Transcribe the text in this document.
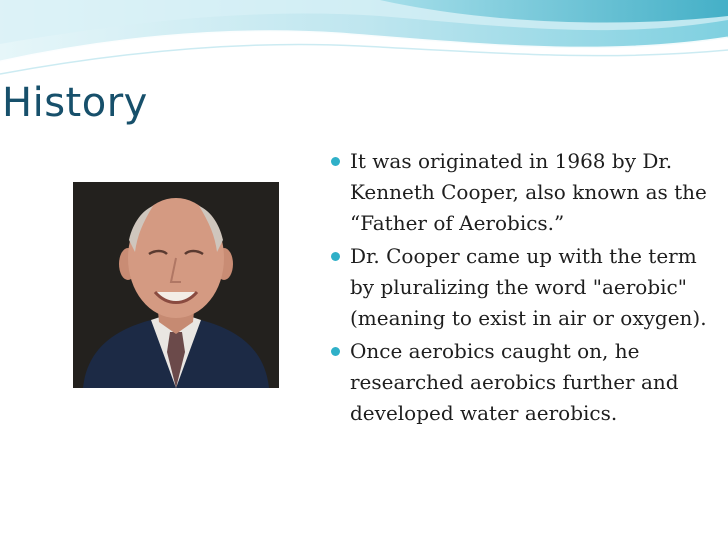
History
It was originated in 1968 by Dr. Kenneth Cooper, also known as the “Father of Aerobics.”
Dr. Cooper came up with the term by pluralizing the word "aerobic" (meaning to exist in air or oxygen).
Once aerobics caught on, he researched aerobics further and developed water aerobics.
